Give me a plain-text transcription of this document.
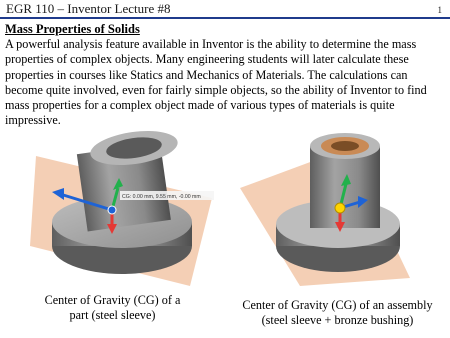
EGR 110 – Inventor Lecture #8	1
Mass Properties of Solids
A powerful analysis feature available in Inventor is the ability to determine the mass properties of complex objects. Many engineering students will later calculate these properties in courses like Statics and Mechanics of Materials. The calculations can become quite involved, even for fairly simple objects, so the ability of Inventor to find mass properties for a complex object made of various types of materials is quite impressive.
CG: 0.00 mm, 9.55 mm, -0.00 mm
Center of Gravity (CG) of a
part (steel sleeve)
Center of Gravity (CG) of an assembly
(steel sleeve + bronze bushing)
